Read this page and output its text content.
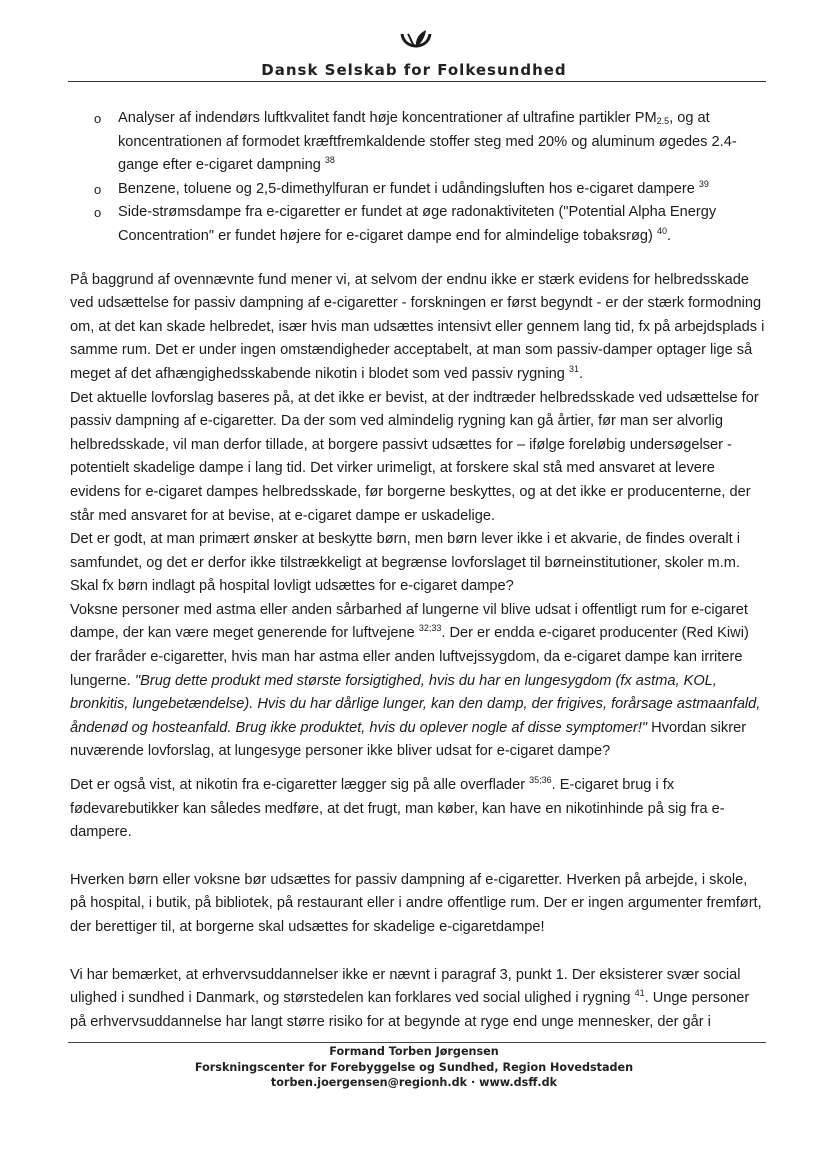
Dansk Selskab for Folkesundhed
o Analyser af indendørs luftkvalitet fandt høje koncentrationer af ultrafine partikler $PM_{2.5}$, og at koncentrationen af formodet kræftfremkaldende stoffer steg med 20% og aluminum øgedes 2.4-gange efter e-cigaret dampning $^{38}$
o Benzene, toluene og 2,5-dimethylfuran er fundet i udåndingsluften hos e-cigaret dampere $^{39}$
o Side-strømsdampe fra e-cigaretter er fundet at øge radonaktiviteten ("Potential Alpha Energy Concentration" er fundet højere for e-cigaret dampe end for almindelige tobaksrøg) $^{40}$.

På baggrund af ovennævnte fund mener vi, at selvom der endnu ikke er stærk evidens for helbredsskade ved udsættelse for passiv dampning af e-cigaretter - forskningen er først begyndt - er der stærk formodning om, at det kan skade helbredet, især hvis man udsættes intensivt eller gennem lang tid, fx på arbejdsplads i samme rum. Det er under ingen omstændigheder acceptabelt, at man som passiv-damper optager lige så meget af det afhængighedsskabende nikotin i blodet som ved passiv rygning $^{31}$.

Det aktuelle lovforslag baseres på, at det ikke er bevist, at der indtræder helbredsskade ved udsættelse for passiv dampning af e-cigaretter. Da der som ved almindelig rygning kan gå årtier, før man ser alvorlig helbredsskade, vil man derfor tillade, at borgere passivt udsættes for – ifølge foreløbig undersøgelser - potentielt skadelige dampe i lang tid. Det virker urimeligt, at forskere skal stå med ansvaret at levere evidens for e-cigaret dampes helbredsskade, før borgerne beskyttes, og at det ikke er producenterne, der står med ansvaret for at bevise, at e-cigaret dampe er uskadelige.

Det er godt, at man primært ønsker at beskytte børn, men børn lever ikke i et akvarie, de findes overalt i samfundet, og det er derfor ikke tilstrækkeligt at begrænse lovforslaget til børneinstitutioner, skoler m.m. Skal fx børn indlagt på hospital lovligt udsættes for e-cigaret dampe?

Voksne personer med astma eller anden sårbarhed af lungerne vil blive udsat i offentligt rum for e-cigaret dampe, der kan være meget generende for luftvejene $^{32;33}$. Der er endda e-cigaret producenter (Red Kiwi) der fraråder e-cigaretter, hvis man har astma eller anden luftvejssygdom, da e-cigaret dampe kan irritere lungerne. "Brug dette produkt med største forsigtighed, hvis du har en lungesygdom (fx astma, KOL, bronkitis, lungebetændelse). Hvis du har dårlige lunger, kan den damp, der frigives, forårsage astmaanfald, åndenød og hosteanfald. Brug ikke produktet, hvis du oplever nogle af disse symptomer!" Hvordan sikrer nuværende lovforslag, at lungesyge personer ikke bliver udsat for e-cigaret dampe?

Det er også vist, at nikotin fra e-cigaretter lægger sig på alle overflader $^{35;36}$. E-cigaret brug i fx fødevarebutikker kan således medføre, at det frugt, man køber, kan have en nikotinhinde på sig fra e-dampere.

Hverken børn eller voksne bør udsættes for passiv dampning af e-cigaretter. Hverken på arbejde, i skole, på hospital, i butik, på bibliotek, på restaurant eller i andre offentlige rum. Der er ingen argumenter fremført, der berettiger til, at borgerne skal udsættes for skadelige e-cigaretdampe!

Vi har bemærket, at erhvervsuddannelser ikke er nævnt i paragraf 3, punkt 1. Der eksisterer svær social ulighed i sundhed i Danmark, og størstedelen kan forklares ved social ulighed i rygning $^{41}$. Unge personer på erhvervsuddannelse har langt større risiko for at begynde at ryge end unge mennesker, der går i

Formand Torben Jørgensen
Forskningscenter for Forebyggelse og Sundhed, Region Hovedstaden
torben.joergensen@regionh.dk · www.dsff.dk
